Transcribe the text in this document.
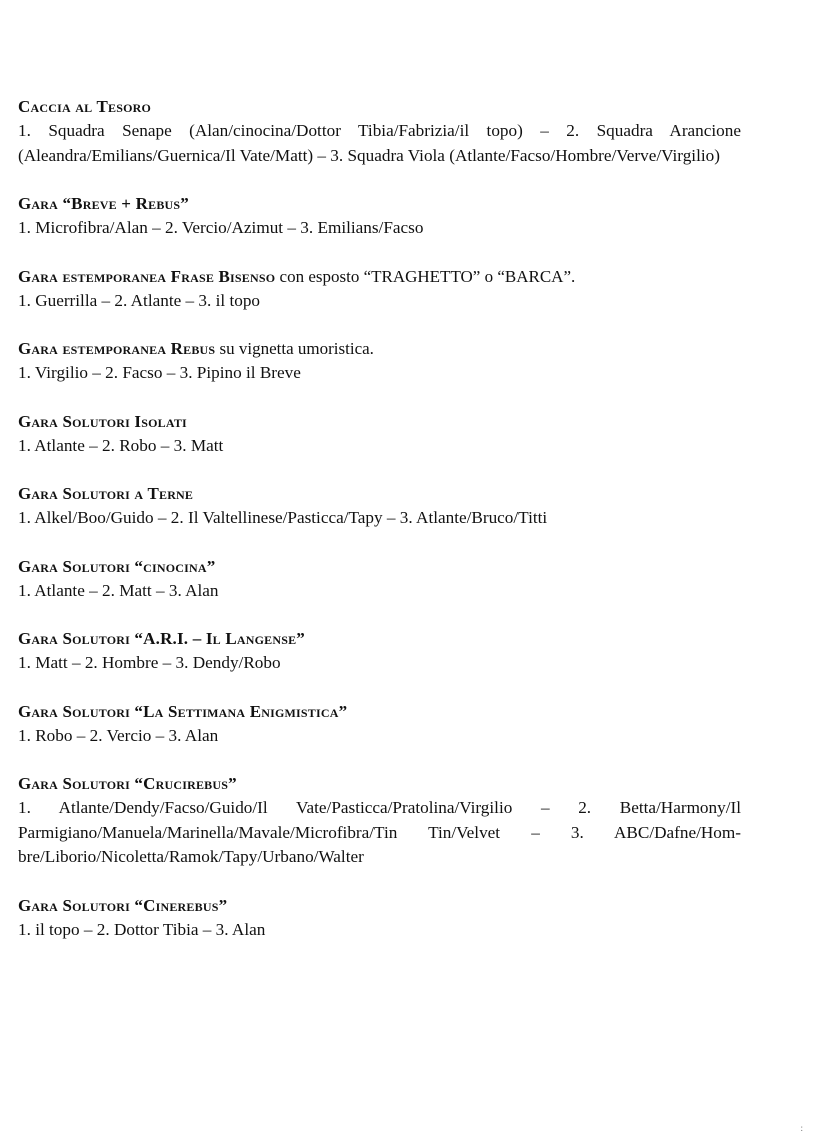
Caccia al Tesoro
1. Squadra Senape (Alan/cinocina/Dottor Tibia/Fabrizia/il topo) – 2. Squadra Arancione (Aleandra/Emilians/Guernica/Il Vate/Matt) – 3. Squadra Viola (Atlante/Facso/Hombre/Verve/Virgilio)
Gara “Breve + Rebus”
1. Microfibra/Alan – 2. Vercio/Azimut – 3. Emilians/Facso
Gara estemporanea Frase Bisenso con esposto “TRAGHETTO” o “BARCA”.
1. Guerrilla – 2. Atlante – 3. il topo
Gara estemporanea Rebus su vignetta umoristica.
1. Virgilio – 2. Facso – 3. Pipino il Breve
Gara Solutori Isolati
1. Atlante – 2. Robo – 3. Matt
Gara Solutori a Terne
1. Alkel/Boo/Guido – 2. Il Valtellinese/Pasticca/Tapy – 3. Atlante/Bruco/Titti
Gara Solutori “cinocina”
1. Atlante – 2. Matt – 3. Alan
Gara Solutori “A.R.I. – Il Langense”
1. Matt – 2. Hombre – 3. Dendy/Robo
Gara Solutori “La Settimana Enigmistica”
1. Robo – 2. Vercio – 3. Alan
Gara Solutori “Crucirebus”
1. Atlante/Dendy/Facso/Guido/Il Vate/Pasticca/Pratolina/Virgilio – 2. Betta/Harmony/Il Parmigiano/Manuela/Marinella/Mavale/Microfibra/Tin Tin/Velvet – 3. ABC/Dafne/Hombre/Liborio/Nicoletta/Ramok/Tapy/Urbano/Walter
Gara Solutori “Cinerebus”
1. il topo – 2. Dottor Tibia – 3. Alan
:
